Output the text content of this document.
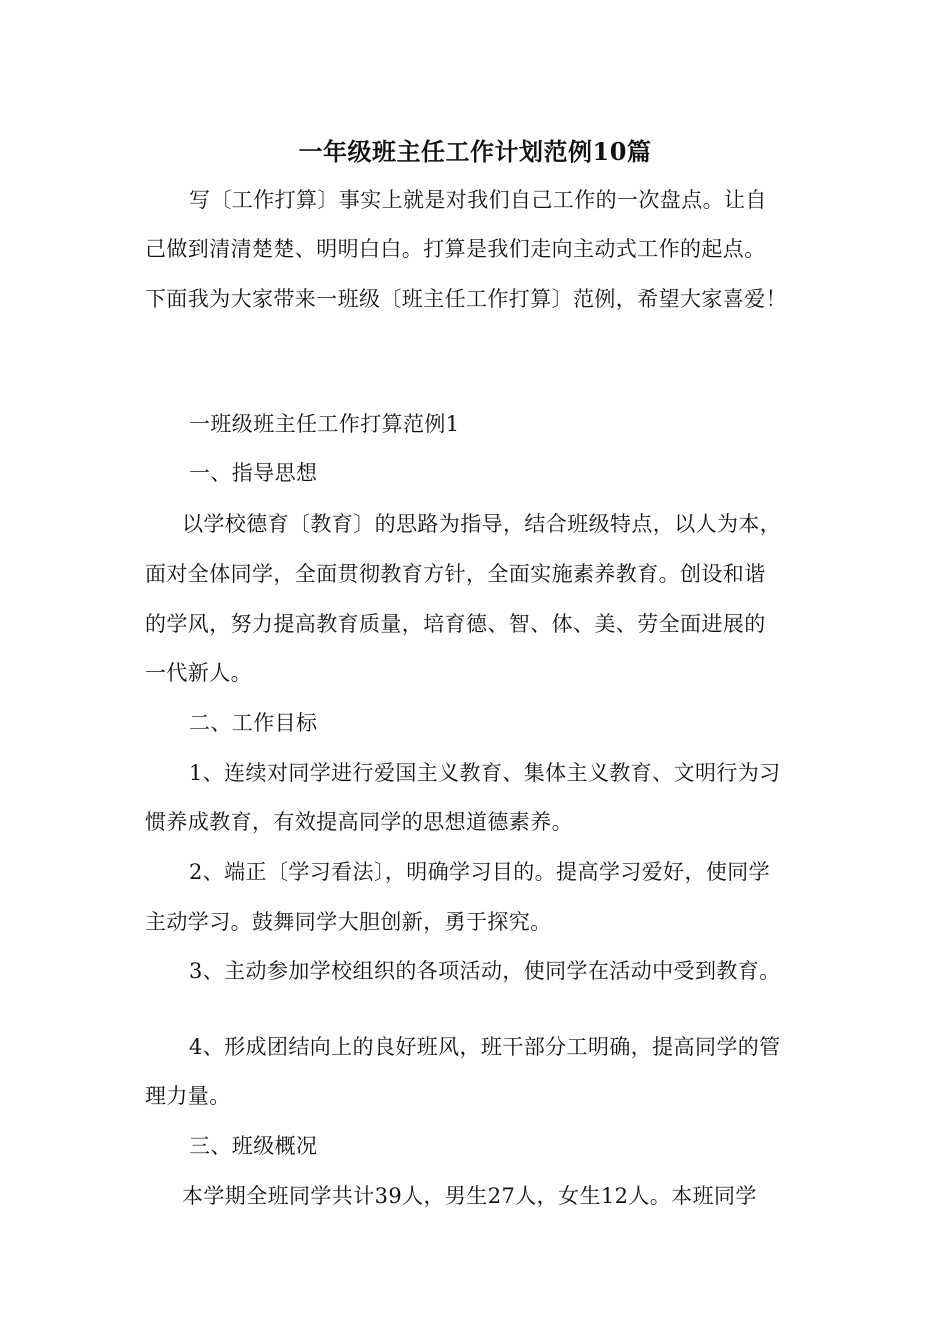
一年级班主任工作计划范例10篇
写〔工作打算〕事实上就是对我们自己工作的一次盘点。让自
己做到清清楚楚、明明白白。打算是我们走向主动式工作的起点。
下面我为大家带来一班级〔班主任工作打算〕范例，希望大家喜爱！
一班级班主任工作打算范例1
一、指导思想
以学校德育〔教育〕的思路为指导，结合班级特点，以人为本，
面对全体同学，全面贯彻教育方针，全面实施素养教育。创设和谐
的学风，努力提高教育质量，培育德、智、体、美、劳全面进展的
一代新人。
二、工作目标
1、连续对同学进行爱国主义教育、集体主义教育、文明行为习
惯养成教育，有效提高同学的思想道德素养。
2、端正〔学习看法〕，明确学习目的。提高学习爱好，使同学
主动学习。鼓舞同学大胆创新，勇于探究。
3、主动参加学校组织的各项活动，使同学在活动中受到教育。
4、形成团结向上的良好班风，班干部分工明确，提高同学的管
理力量。
三、班级概况
本学期全班同学共计39人，男生27人，女生12人。本班同学
